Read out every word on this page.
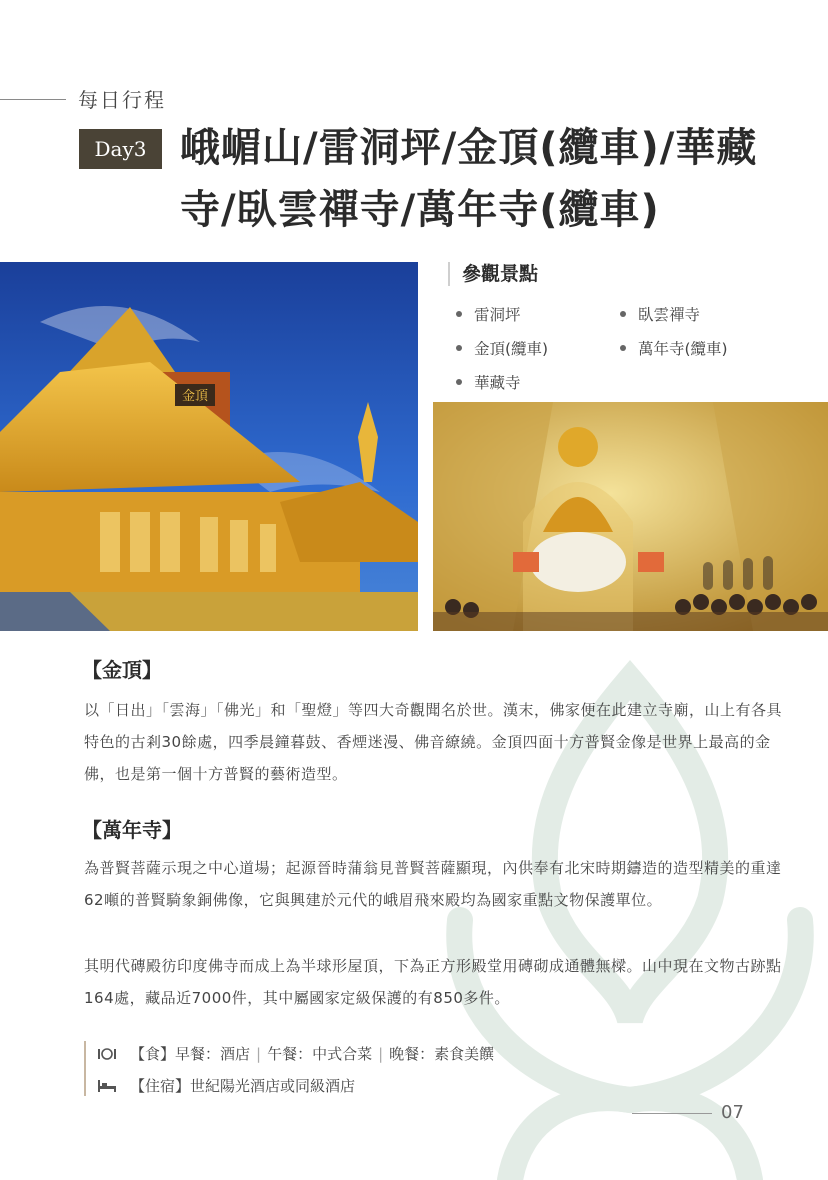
每日行程
Day3 峨嵋山/雷洞坪/金頂(纜車)/華藏寺/臥雲禪寺/萬年寺(纜車)
金頂
參觀景點
雷洞坪	臥雲禪寺
金頂(纜車)	萬年寺(纜車)
華藏寺
【金頂】
以「日出」「雲海」「佛光」和「聖燈」等四大奇觀聞名於世。漢末，佛家便在此建立寺廟，山上有各具特色的古剎30餘處，四季晨鐘暮鼓、香煙迷漫、佛音繚繞。金頂四面十方普賢金像是世界上最高的金佛，也是第一個十方普賢的藝術造型。
【萬年寺】
為普賢菩薩示現之中心道場；起源晉時蒲翁見普賢菩薩顯現，內供奉有北宋時期鑄造的造型精美的重達62噸的普賢騎象銅佛像，它與興建於元代的峨眉飛來殿均為國家重點文物保護單位。
其明代磚殿彷印度佛寺而成上為半球形屋頂，下為正方形殿堂用磚砌成通體無樑。山中現在文物古跡點164處，藏品近7000件，其中屬國家定級保護的有850多件。
【食】 早餐：酒店 | 午餐：中式合菜 | 晚餐：素食美饌
【住宿】 世紀陽光酒店或同級酒店
07
